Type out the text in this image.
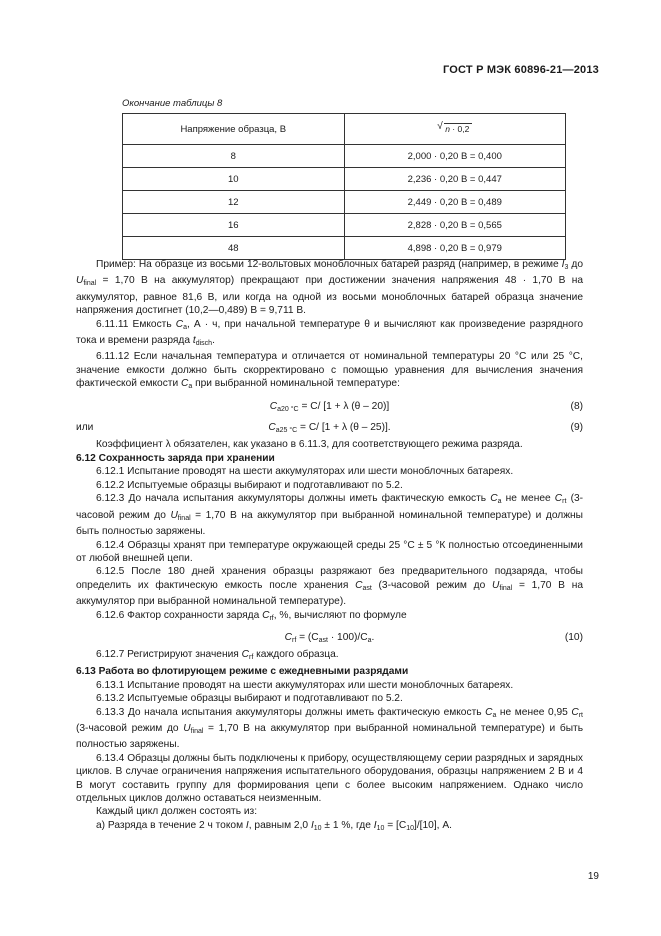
ГОСТ Р МЭК 60896-21—2013
Окончание таблицы 8
Напряжение образца, В	√ n · 0,2
8	2,000 · 0,20 В = 0,400
10	2,236 · 0,20 В = 0,447
12	2,449 · 0,20 В = 0,489
16	2,828 · 0,20 В = 0,565
48	4,898 · 0,20 В = 0,979

Пример: На образце из восьми 12-вольтовых моноблочных батарей разряд (например, в режиме $I_3$ до $U_{final} = 1,70$ В на аккумулятор) прекращают при достижении значения напряжения 48 · 1,70 В на аккумулятор, равное 81,6 В, или когда на одной из восьми моноблочных батарей образца значение напряжения достигнет (10,2—0,489) В = 9,711 В.

6.11.11 Емкость $C_a$, А · ч, при начальной температуре θ и вычисляют как произведение разрядного тока и времени разряда $t_{disch}$.

6.11.12 Если начальная температура и отличается от номинальной температуры 20 °С или 25 °С, значение емкости должно быть скорректировано с помощью уравнения для вычисления значения фактической емкости $C_a$ при выбранной номинальной температуре:

$C_{a20 ^\circ C} = C/$ [1 + λ (θ – 20)]	(8)
или	$C_{a25 ^\circ C} = C/$ [1 + λ (θ – 25)].	(9)

Коэффициент λ обязателен, как указано в 6.11.3, для соответствующего режима разряда.

6.12 Сохранность заряда при хранении

6.12.1 Испытание проводят на шести аккумуляторах или шести моноблочных батареях.

6.12.2 Испытуемые образцы выбирают и подготавливают по 5.2.

6.12.3 До начала испытания аккумуляторы должны иметь фактическую емкость $C_a$ не менее $C_{rt}$ (3-часовой режим до $U_{final} = 1,70$ В на аккумулятор при выбранной номинальной температуре) и должны быть полностью заряжены.

6.12.4 Образцы хранят при температуре окружающей среды 25 °С ± 5 °К полностью отсоединенными от любой внешней цепи.

6.12.5 После 180 дней хранения образцы разряжают без предварительного подзаряда, чтобы определить их фактическую емкость после хранения $C_{ast}$ (3-часовой режим до $U_{final} = 1,70$ В на аккумулятор при выбранной номинальной температуре).

6.12.6 Фактор сохранности заряда $C_{rf}$, %, вычисляют по формуле

$C_{rf} = (C_{ast} \cdot 100)/C_a$.	(10)

6.12.7 Регистрируют значения $C_{rf}$ каждого образца.

6.13 Работа во флотирующем режиме с ежедневными разрядами

6.13.1 Испытание проводят на шести аккумуляторах или шести моноблочных батареях.

6.13.2 Испытуемые образцы выбирают и подготавливают по 5.2.

6.13.3 До начала испытания аккумуляторы должны иметь фактическую емкость $C_a$ не менее 0,95 $C_{rt}$ (3-часовой режим до $U_{final} = 1,70$ В на аккумулятор при выбранной номинальной температуре) и быть полностью заряжены.

6.13.4 Образцы должны быть подключены к прибору, осуществляющему серии разрядных и зарядных циклов. В случае ограничения напряжения испытательного оборудования, образцы напряжением 2 В и 4 В могут составить группу для формирования цепи с более высоким напряжением. Однако число отдельных циклов должно оставаться неизменным.

Каждый цикл должен состоять из:

а) Разряда в течение 2 ч током I, равным 2,0 $I_{10} \pm 1$ %, где $I_{10} = [C_{10}]/[10]$, А.

19
